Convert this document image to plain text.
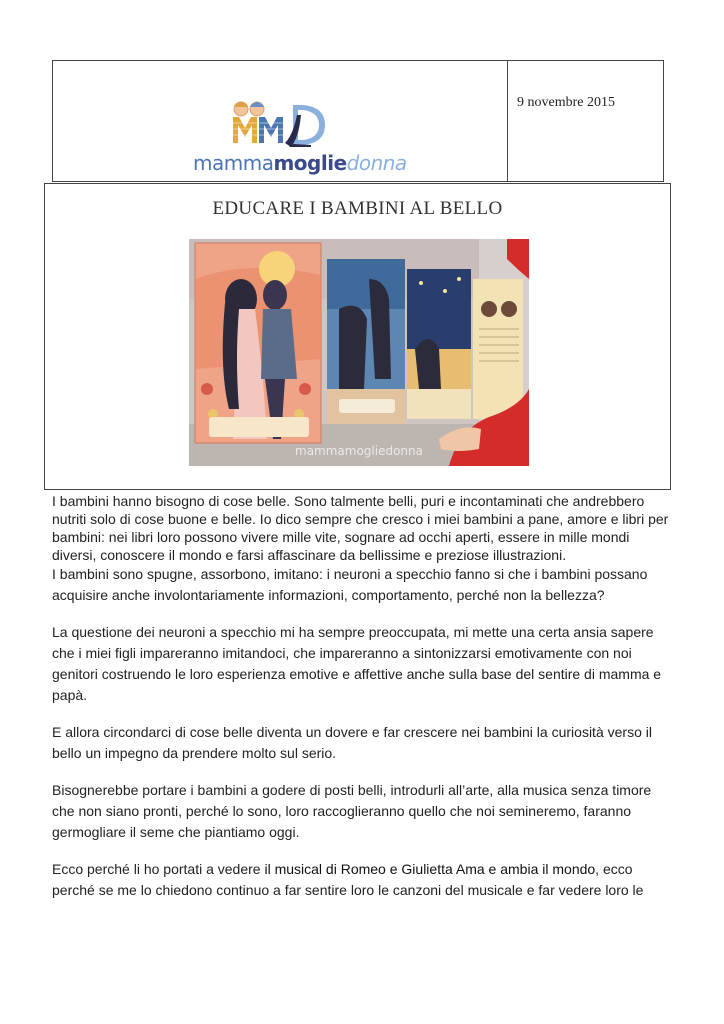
mammamogliedonna
9 novembre 2015
EDUCARE I BAMBINI AL BELLO
mammamogliedonna

I bambini hanno bisogno di cose belle. Sono talmente belli, puri e incontaminati che andrebbero nutriti solo di cose buone e belle. Io dico sempre che cresco i miei bambini a pane, amore e libri per bambini: nei libri loro possono vivere mille vite, sognare ad occhi aperti, essere in mille mondi diversi, conoscere il mondo e farsi affascinare da bellissime e preziose illustrazioni.

I bambini sono spugne, assorbono, imitano: i neuroni a specchio fanno si che i bambini possano acquisire anche involontariamente informazioni, comportamento, perché non la bellezza?

La questione dei neuroni a specchio mi ha sempre preoccupata, mi mette una certa ansia sapere che i miei figli impareranno imitandoci, che impareranno a sintonizzarsi emotivamente con noi genitori costruendo le loro esperienza emotive e affettive anche sulla base del sentire di mamma e papà.

E allora circondarci di cose belle diventa un dovere e far crescere nei bambini la curiosità verso il bello un impegno da prendere molto sul serio.

Bisognerebbe portare i bambini a godere di posti belli, introdurli all’arte, alla musica senza timore che non siano pronti, perché lo sono, loro raccoglieranno quello che noi semineremo, faranno germogliare il seme che piantiamo oggi.

Ecco perché li ho portati a vedere il musical di Romeo e Giulietta Ama e ambia il mondo, ecco perché se me lo chiedono continuo a far sentire loro le canzoni del musicale e far vedere loro le
